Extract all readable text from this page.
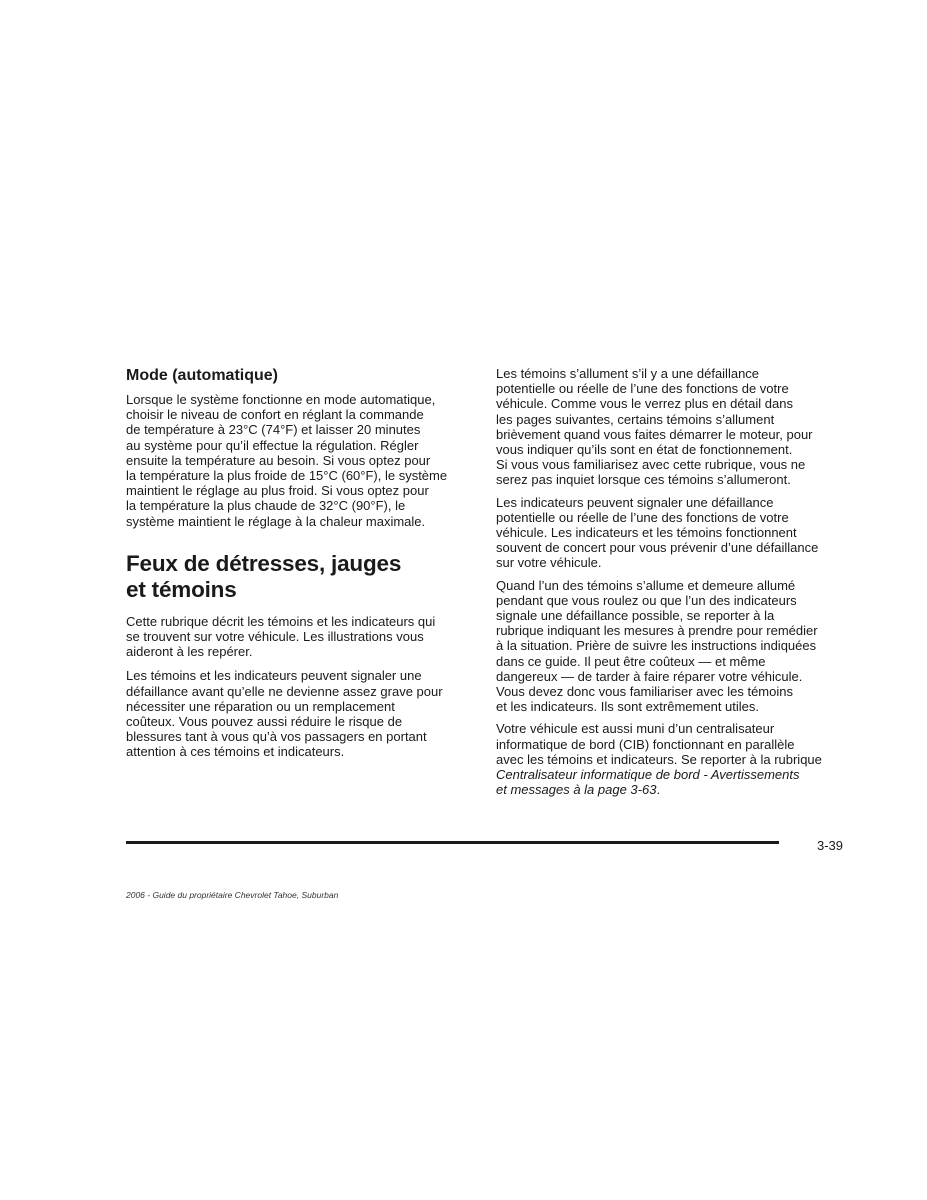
Mode (automatique)

Lorsque le système fonctionne en mode automatique,
choisir le niveau de confort en réglant la commande
de température à 23°C (74°F) et laisser 20 minutes
au système pour qu’il effectue la régulation. Régler
ensuite la température au besoin. Si vous optez pour
la température la plus froide de 15°C (60°F), le système
maintient le réglage au plus froid. Si vous optez pour
la température la plus chaude de 32°C (90°F), le
système maintient le réglage à la chaleur maximale.

Feux de détresses, jauges
et témoins

Cette rubrique décrit les témoins et les indicateurs qui
se trouvent sur votre véhicule. Les illustrations vous
aideront à les repérer.

Les témoins et les indicateurs peuvent signaler une
défaillance avant qu’elle ne devienne assez grave pour
nécessiter une réparation ou un remplacement
coûteux. Vous pouvez aussi réduire le risque de
blessures tant à vous qu’à vos passagers en portant
attention à ces témoins et indicateurs.

Les témoins s’allument s’il y a une défaillance
potentielle ou réelle de l’une des fonctions de votre
véhicule. Comme vous le verrez plus en détail dans
les pages suivantes, certains témoins s’allument
brièvement quand vous faites démarrer le moteur, pour
vous indiquer qu’ils sont en état de fonctionnement.
Si vous vous familiarisez avec cette rubrique, vous ne
serez pas inquiet lorsque ces témoins s’allumeront.

Les indicateurs peuvent signaler une défaillance
potentielle ou réelle de l’une des fonctions de votre
véhicule. Les indicateurs et les témoins fonctionnent
souvent de concert pour vous prévenir d’une défaillance
sur votre véhicule.

Quand l’un des témoins s’allume et demeure allumé
pendant que vous roulez ou que l’un des indicateurs
signale une défaillance possible, se reporter à la
rubrique indiquant les mesures à prendre pour remédier
à la situation. Prière de suivre les instructions indiquées
dans ce guide. Il peut être coûteux — et même
dangereux — de tarder à faire réparer votre véhicule.
Vous devez donc vous familiariser avec les témoins
et les indicateurs. Ils sont extrêmement utiles.

Votre véhicule est aussi muni d’un centralisateur
informatique de bord (CIB) fonctionnant en parallèle
avec les témoins et indicateurs. Se reporter à la rubrique
Centralisateur informatique de bord - Avertissements
et messages à la page 3-63.

3-39
2006 - Guide du propriétaire Chevrolet Tahoe, Suburban
